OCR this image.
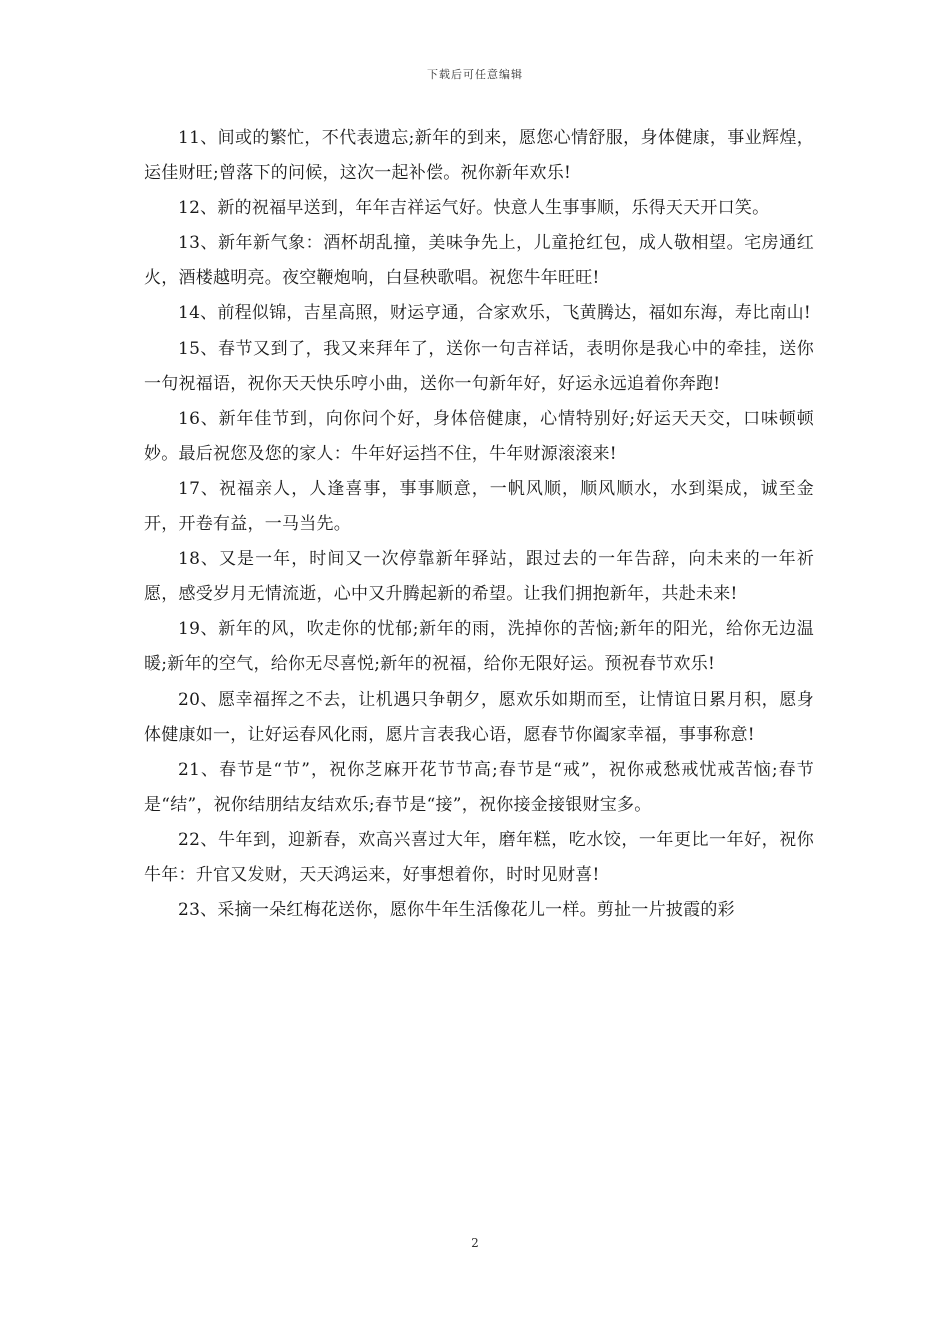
下载后可任意编辑

11、间或的繁忙，不代表遗忘;新年的到来，愿您心情舒服，身体健康，事业辉煌，运佳财旺;曾落下的问候，这次一起补偿。祝你新年欢乐!

12、新的祝福早送到，年年吉祥运气好。快意人生事事顺，乐得天天开口笑。

13、新年新气象：酒杯胡乱撞，美味争先上，儿童抢红包，成人敬相望。宅房通红火，酒楼越明亮。夜空鞭炮响，白昼秧歌唱。祝您牛年旺旺!

14、前程似锦，吉星高照，财运亨通，合家欢乐，飞黄腾达，福如东海，寿比南山!

15、春节又到了，我又来拜年了，送你一句吉祥话，表明你是我心中的牵挂，送你一句祝福语，祝你天天快乐哼小曲，送你一句新年好，好运永远追着你奔跑!

16、新年佳节到，向你问个好，身体倍健康，心情特别好;好运天天交，口味顿顿妙。最后祝您及您的家人：牛年好运挡不住，牛年财源滚滚来!

17、祝福亲人，人逢喜事，事事顺意，一帆风顺，顺风顺水，水到渠成，诚至金开，开卷有益，一马当先。

18、又是一年，时间又一次停靠新年驿站，跟过去的一年告辞，向未来的一年祈愿，感受岁月无情流逝，心中又升腾起新的希望。让我们拥抱新年，共赴未来!

19、新年的风，吹走你的忧郁;新年的雨，洗掉你的苦恼;新年的阳光，给你无边温暖;新年的空气，给你无尽喜悦;新年的祝福，给你无限好运。预祝春节欢乐!

20、愿幸福挥之不去，让机遇只争朝夕，愿欢乐如期而至，让情谊日累月积，愿身体健康如一，让好运春风化雨，愿片言表我心语，愿春节你阖家幸福，事事称意!

21、春节是“节”，祝你芝麻开花节节高;春节是“戒”，祝你戒愁戒忧戒苦恼;春节是“结”，祝你结朋结友结欢乐;春节是“接”，祝你接金接银财宝多。

22、牛年到，迎新春，欢高兴喜过大年，磨年糕，吃水饺，一年更比一年好，祝你牛年：升官又发财，天天鸿运来，好事想着你，时时见财喜!

23、采摘一朵红梅花送你，愿你牛年生活像花儿一样。剪扯一片披霞的彩

2
